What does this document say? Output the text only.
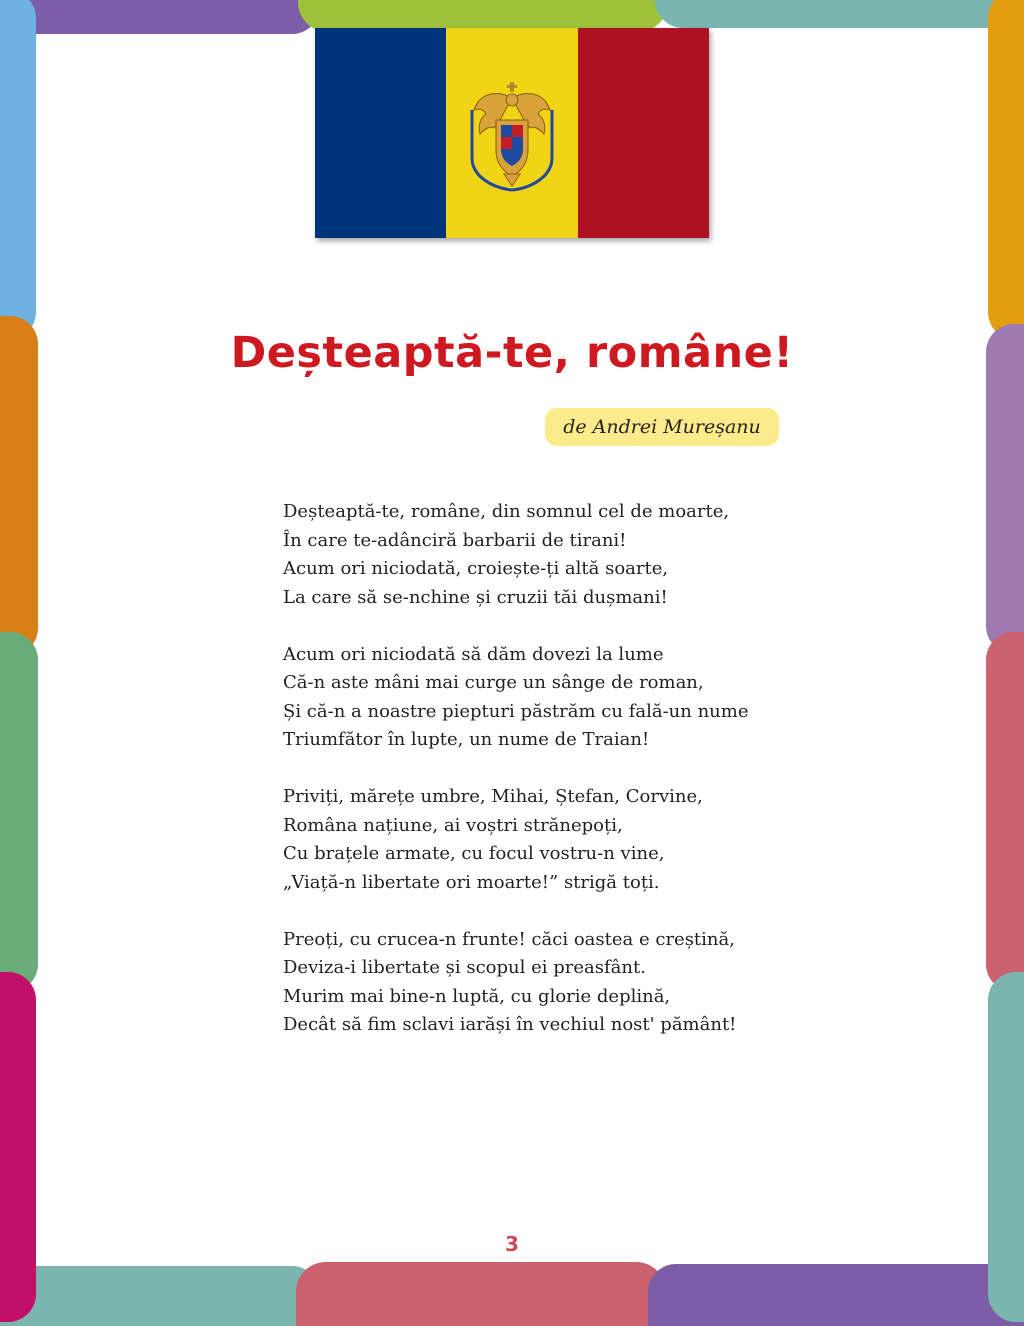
Deșteaptă-te, române!
de Andrei Mureșanu
Deșteaptă-te, române, din somnul cel de moarte,
În care te-adânciră barbarii de tirani!
Acum ori niciodată, croiește-ți altă soarte,
La care să se-nchine și cruzii tăi dușmani!
Acum ori niciodată să dăm dovezi la lume
Că-n aste mâni mai curge un sânge de roman,
Și că-n a noastre piepturi păstrăm cu fală-un nume
Triumfător în lupte, un nume de Traian!
Priviți, mărețe umbre, Mihai, Ștefan, Corvine,
Româna națiune, ai voștri strănepoți,
Cu brațele armate, cu focul vostru-n vine,
„Viață-n libertate ori moarte!” strigă toți.
Preoți, cu crucea-n frunte! căci oastea e creștină,
Deviza-i libertate și scopul ei preasfânt.
Murim mai bine-n luptă, cu glorie deplină,
Decât să fim sclavi iarăși în vechiul nost' pământ!
3
